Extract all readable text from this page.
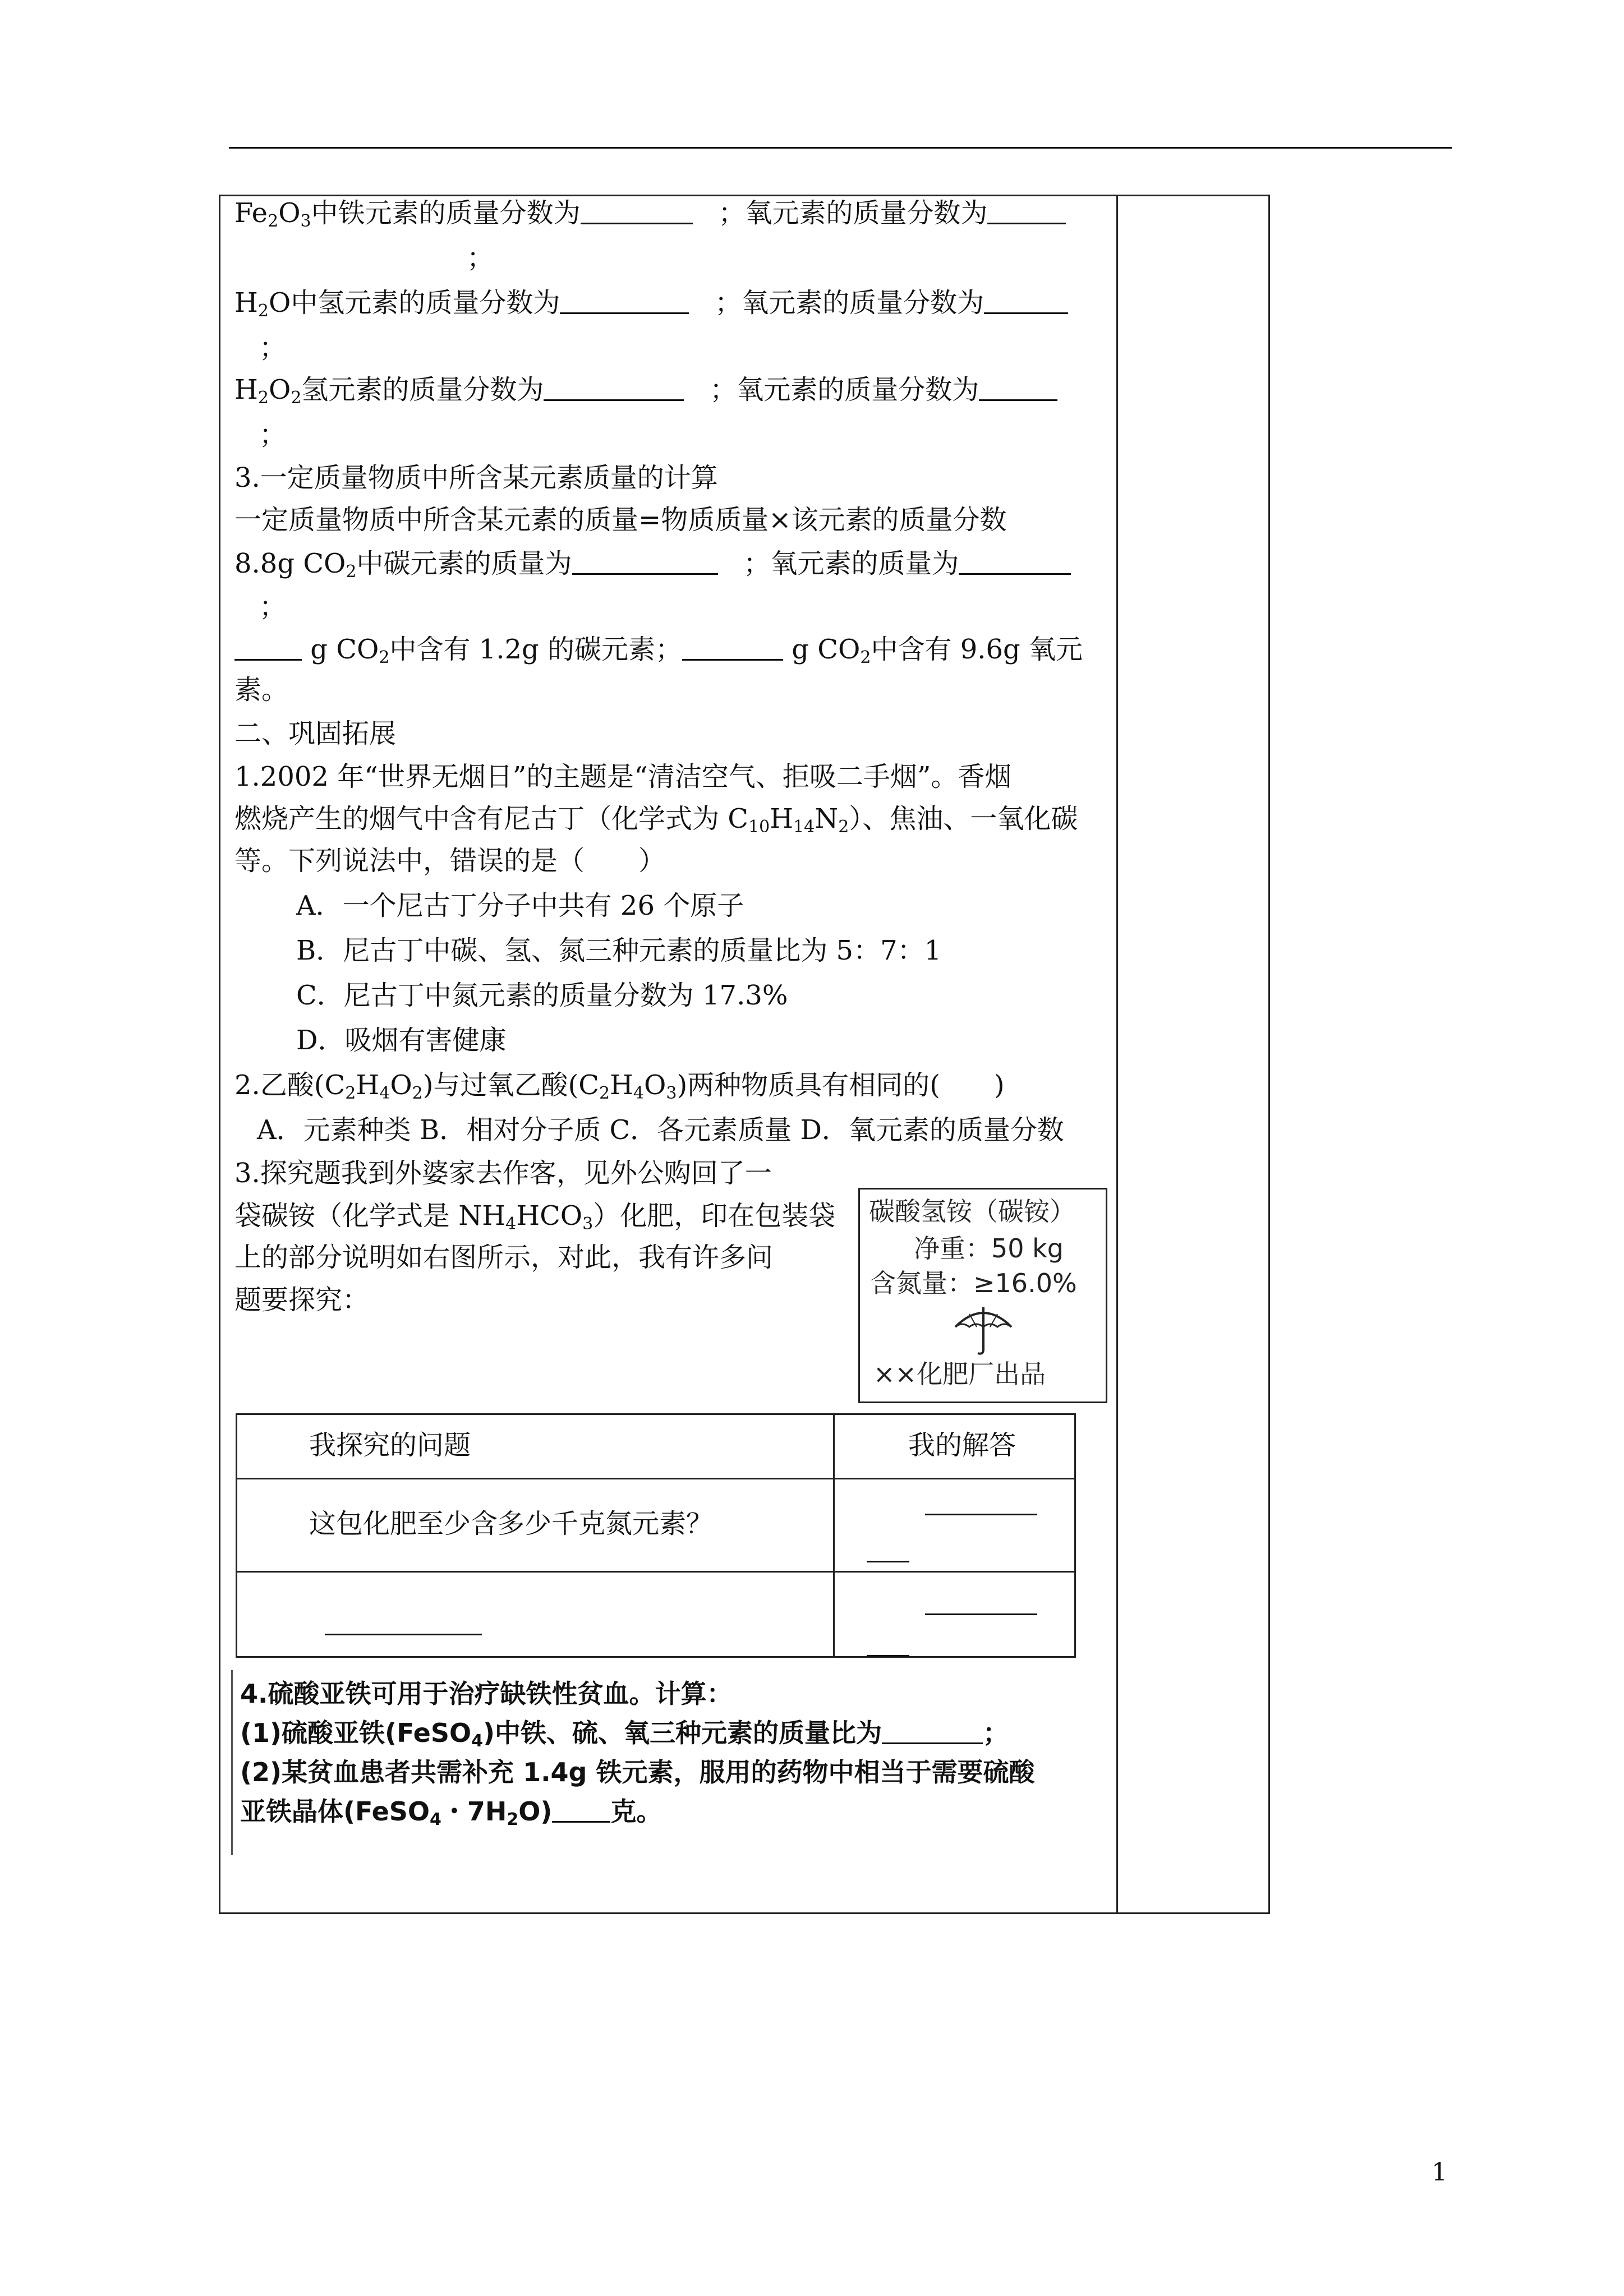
$Fe_2O_3$中铁元素的质量分数为	；氧元素的质量分数为
；
$H_2O$中氢元素的质量分数为	；氧元素的质量分数为
；
$H_2O_2$氢元素的质量分数为	；氧元素的质量分数为
；
3.一定质量物质中所含某元素质量的计算
一定质量物质中所含某元素的质量=物质质量×该元素的质量分数
8.8g $CO_2$中碳元素的质量为	；氧元素的质量为
；
g $CO_2$中含有 1.2g 的碳元素；	g $CO_2$中含有 9.6g 氧元
素。
二、巩固拓展
1.2002 年“世界无烟日”的主题是“清洁空气、拒吸二手烟”。香烟
燃烧产生的烟气中含有尼古丁（化学式为 $C_{10}H_{14}N_2$）、焦油、一氧化碳
等。下列说法中，错误的是（　　）
A．一个尼古丁分子中共有 26 个原子
B．尼古丁中碳、氢、氮三种元素的质量比为 5：7：1
C．尼古丁中氮元素的质量分数为 17.3%
D．吸烟有害健康
2.乙酸$(C_2H_4O_2)$与过氧乙酸$(C_2H_4O_3)$两种物质具有相同的(　　)
A．元素种类 B．相对分子质 C．各元素质量 D．氧元素的质量分数
3.探究题我到外婆家去作客，见外公购回了一
袋碳铵（化学式是 $NH_4HCO_3$）化肥，印在包装袋
上的部分说明如右图所示，对此，我有许多问
题要探究：
碳酸氢铵（碳铵）
净重：50 kg
含氮量：≥16.0%
××化肥厂出品
我探究的问题	我的解答
这包化肥至少含多少千克氮元素？
4.硫酸亚铁可用于治疗缺铁性贫血。计算：
(1)硫酸亚铁(FeSO$_4$)中铁、硫、氧三种元素的质量比为	；
(2)某贫血患者共需补充 1.4g 铁元素，服用的药物中相当于需要硫酸
亚铁晶体(FeSO$_4$・$7H_2O$) 克。
1
